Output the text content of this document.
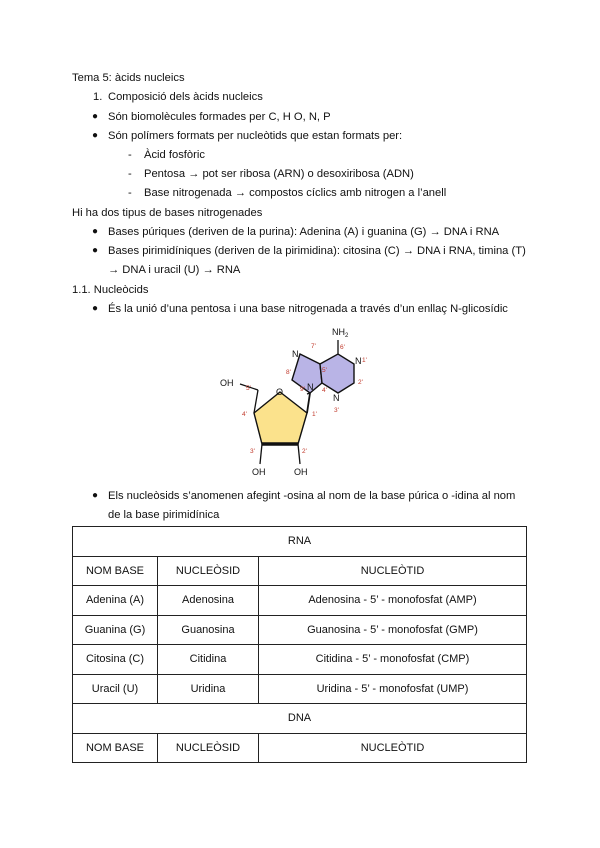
Tema 5: àcids nucleics
1. Composició dels àcids nucleics
● Són biomolècules formades per C, H O, N, P
● Són polímers formats per nucleòtids que estan formats per:
- Àcid fosfòric
- Pentosa → pot ser ribosa (ARN) o desoxiribosa (ADN)
- Base nitrogenada → compostos cíclics amb nitrogen a l’anell
Hi ha dos tipus de bases nitrogenades
● Bases púriques (deriven de la purina): Adenina (A) i guanina (G) → DNA i RNA
● Bases pirimidíniques (deriven de la pirimidina): citosina (C) → DNA i RNA, timina (T)
→ DNA i uracil (U) → RNA
1.1. Nucleòcids
● És la unió d’una pentosa i una base nitrogenada a través d’un enllaç N-glicosídic
$NH_2$
N
N
N
N
O
OH
OH	OH
7'	6'
1'
2'
3'
4'
5'
8'
9'
1'
2'
3'
4'
5'
● Els nucleòsids s’anomenen afegint -osina al nom de la base púrica o -idina al nom
de la base pirimidínica
RNA		
NOM BASE	NUCLEÒSID	NUCLEÒTID
Adenina (A)	Adenosina	Adenosina - 5’ - monofosfat (AMP)
Guanina (G)	Guanosina	Guanosina - 5’ - monofosfat (GMP)
Citosina (C)	Citidina	Citidina - 5’ - monofosfat (CMP)
Uracil (U)	Uridina	Uridina - 5’ - monofosfat (UMP)
DNA		
NOM BASE	NUCLEÒSID	NUCLEÒTID
